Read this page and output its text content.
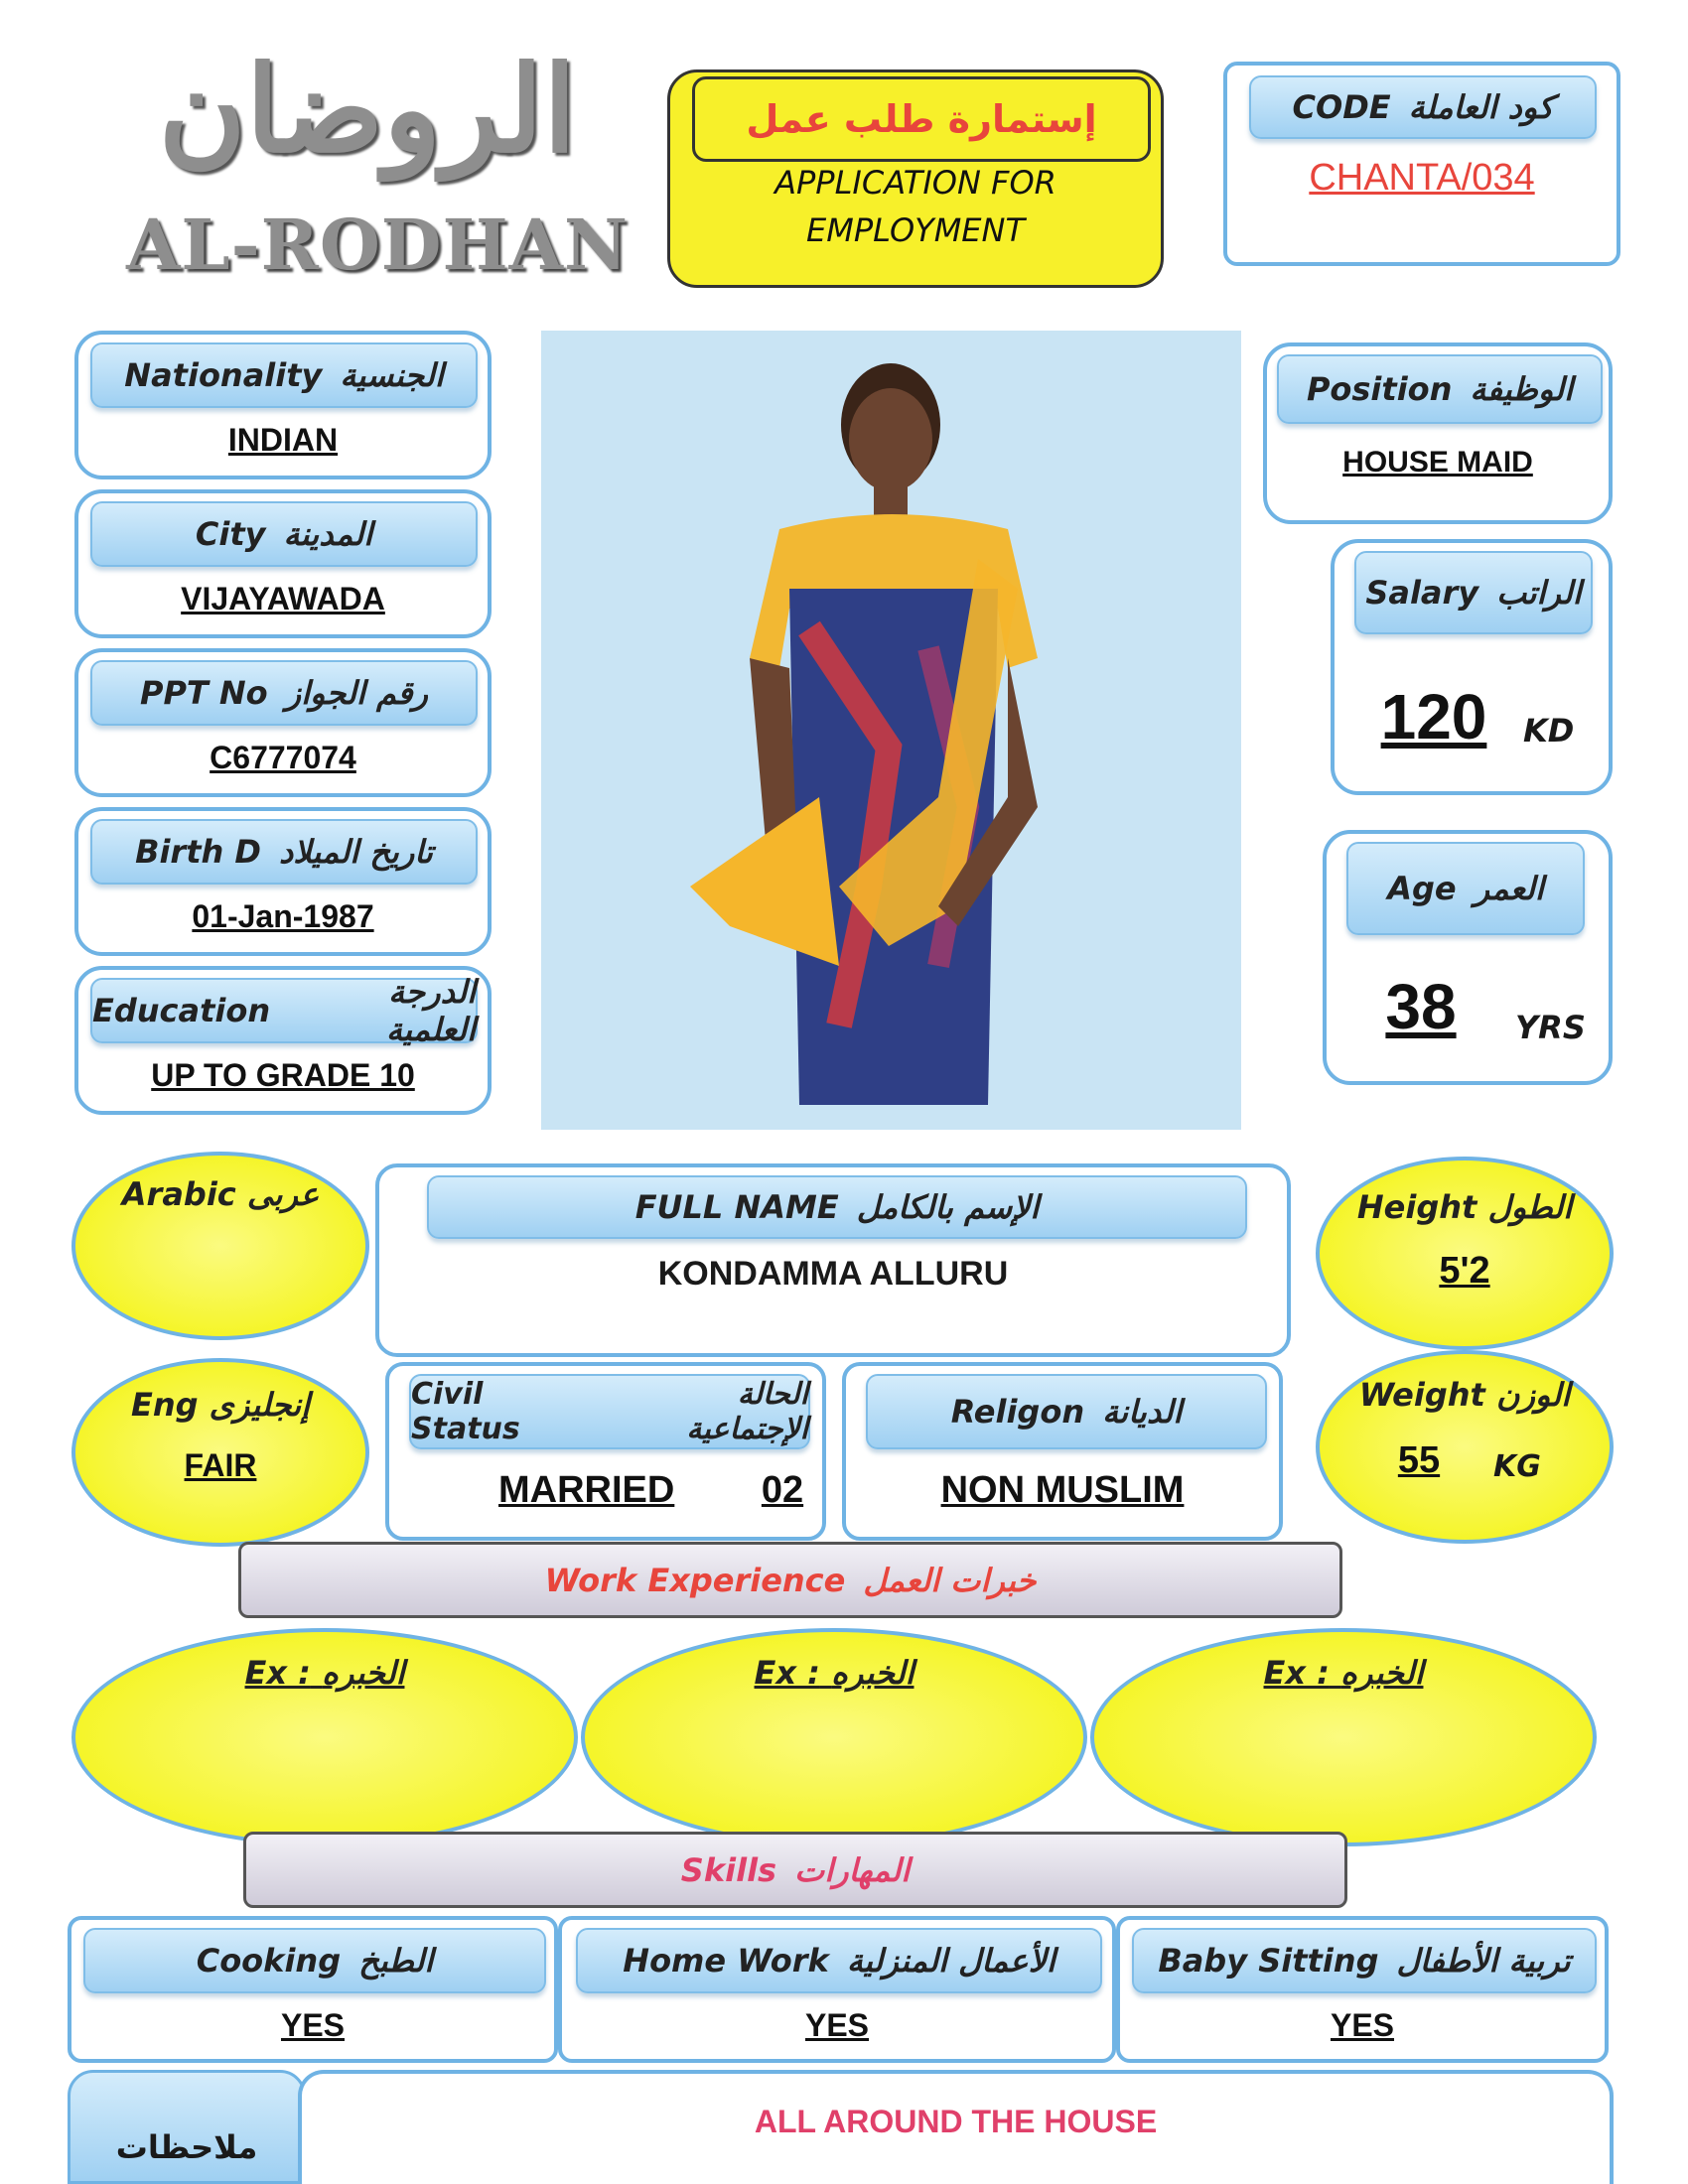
الروضان
AL-RODHAN
إستمارة طلب عمل
APPLICATION FOR
EMPLOYMENT
CODE كود العاملة
CHANTA/034
Nationality الجنسية
INDIAN
City المدينة
VIJAYAWADA
PPT No رقم الجواز
C6777074
Birth D تاريخ الميلاد
01-Jan-1987
Education	الدرجة العلمية
UP TO GRADE 10
Position الوظيفة
HOUSE MAID
Salary الراتب
120	KD
Age العمر
38	YRS
Arabic عربى	FULL NAME الإسم بالكامل
KONDAMMA ALLURU
Height الطول
5'2
Eng إنجليزى
FAIR
Civil Status
الحالة الإجتماعية
MARRIED 02
Religon الديانة
NON MUSLIM
Weight الوزن
55	KG
Work Experience خبرات العمل
Ex : الخبره	Ex : الخبره	Ex : الخبره
Skills المهارات
Cooking الطبخ
YES
Home Work الأعمال المنزلية
YES
Baby Sitting تربية الأطفال
YES
ملاحظات
ALL AROUND THE HOUSE
